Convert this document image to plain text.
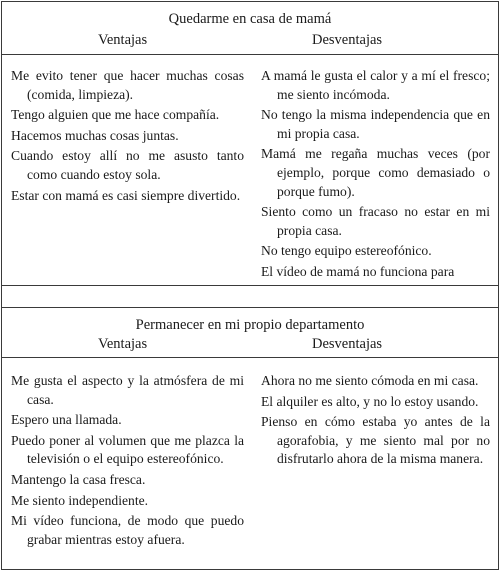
Quedarme en casa de mamá
Ventajas	Desventajas
Me evito tener que hacer muchas cosas (comida, limpieza).
Tengo alguien que me hace compañía.
Hacemos muchas cosas juntas.
Cuando estoy allí no me asusto tanto como cuando estoy sola.
Estar con mamá es casi siempre divertido.
A mamá le gusta el calor y a mí el fresco; me siento incómoda.
No tengo la misma independencia que en mi propia casa.
Mamá me regaña muchas veces (por ejemplo, porque como demasiado o porque fumo).
Siento como un fracaso no estar en mi propia casa.
No tengo equipo estereofónico.
El vídeo de mamá no funciona para
Permanecer en mi propio departamento
Ventajas	Desventajas
Me gusta el aspecto y la atmósfera de mi casa.
Espero una llamada.
Puedo poner al volumen que me plazca la televisión o el equipo estereofónico.
Mantengo la casa fresca.
Me siento independiente.
Mi vídeo funciona, de modo que puedo grabar mientras estoy afuera.
Ahora no me siento cómoda en mi casa.
El alquiler es alto, y no lo estoy usando.
Pienso en cómo estaba yo antes de la agorafobia, y me siento mal por no disfrutarlo ahora de la misma manera.
